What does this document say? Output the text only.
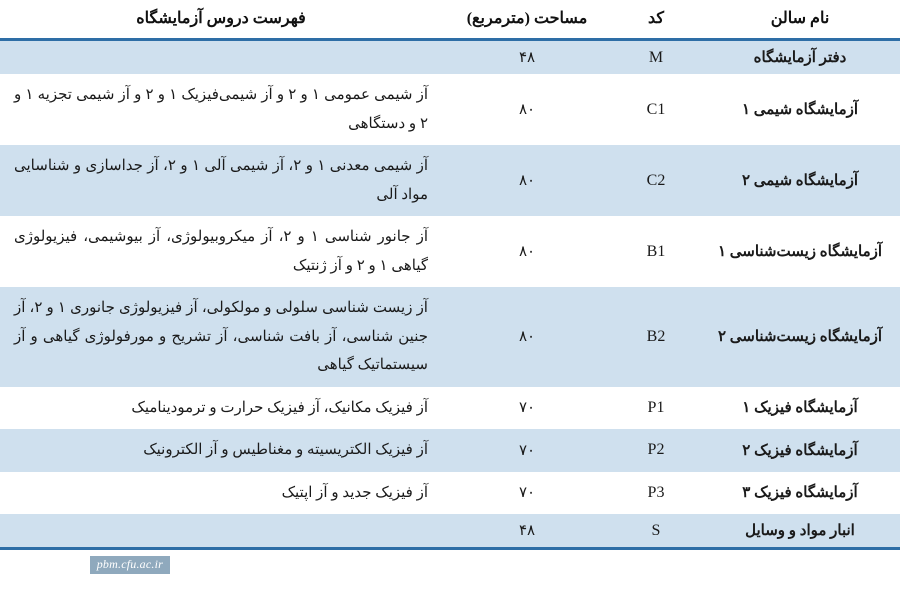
نام سالن	کد	مساحت (مترمربع)	فهرست دروس آزمایشگاه
دفتر آزمایشگاه	M	۴۸	
آزمایشگاه شیمی ۱	C1	۸۰	آز شیمی عمومی ۱ و ۲ و آز شیمی‌فیزیک ۱ و ۲ و آز شیمی تجزیه ۱ و ۲ و دستگاهی
آزمایشگاه شیمی ۲	C2	۸۰	آز شیمی معدنی ۱ و ۲، آز شیمی آلی ۱ و ۲، آز جداسازی و شناسایی مواد آلی
آزمایشگاه زیست‌شناسی ۱	B1	۸۰	آز جانور شناسی ۱ و ۲، آز میکروبیولوژی، آز بیوشیمی، فیزیولوژی گیاهی ۱ و ۲ و آز ژنتیک
آزمایشگاه زیست‌شناسی ۲	B2	۸۰	آز زیست شناسی سلولی و مولکولی، آز فیزیولوژی جانوری ۱ و ۲، آز جنین شناسی، آز بافت شناسی، آز تشریح و مورفولوژی گیاهی و آز سیستماتیک گیاهی
آزمایشگاه فیزیک ۱	P1	۷۰	آز فیزیک مکانیک، آز فیزیک حرارت و ترمودینامیک
آزمایشگاه فیزیک ۲	P2	۷۰	آز فیزیک الکتریسیته و مغناطیس و آز الکترونیک
آزمایشگاه فیزیک ۳	P3	۷۰	آز فیزیک جدید و آز اپتیک
انبار مواد و وسایل	S	۴۸	
pbm.cfu.ac.ir
